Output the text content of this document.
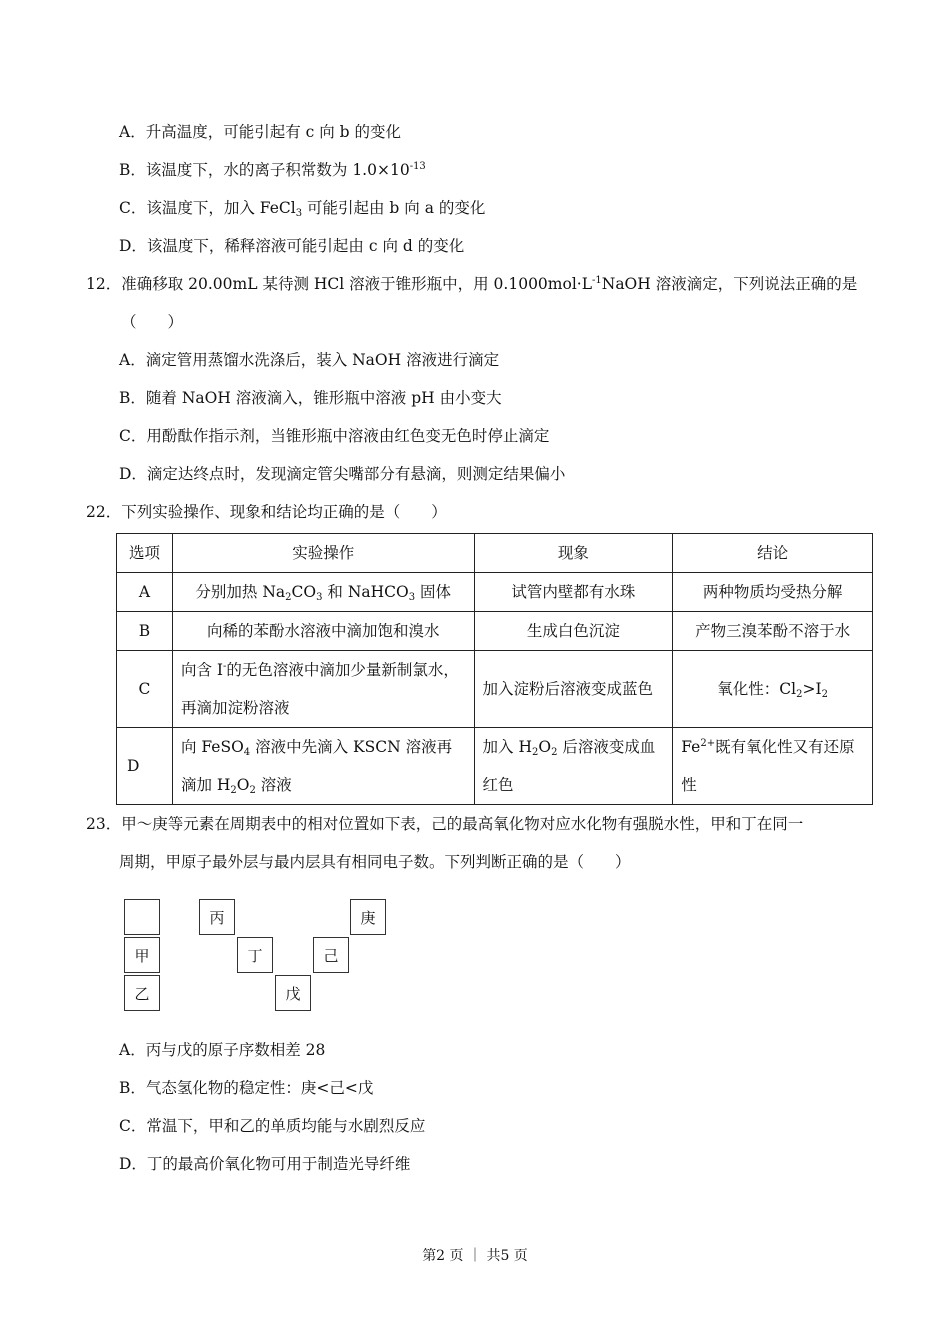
A．升高温度，可能引起有 c 向 b 的变化
B．该温度下，水的离子积常数为 $1.0\times 10^{-13}$
C．该温度下，加入 FeCl$_3$ 可能引起由 b 向 a 的变化
D．该温度下，稀释溶液可能引起由 c 向 d 的变化
12．准确移取 20.00mL 某待测 HCl 溶液于锥形瓶中，用 $0.1000mol\cdot L^{-1}NaOH$ 溶液滴定，下列说法正确的是
（　　）
A．滴定管用蒸馏水洗涤后，装入 NaOH 溶液进行滴定
B．随着 NaOH 溶液滴入，锥形瓶中溶液 pH 由小变大
C．用酚酞作指示剂，当锥形瓶中溶液由红色变无色时停止滴定
D．滴定达终点时，发现滴定管尖嘴部分有悬滴，则测定结果偏小
22．下列实验操作、现象和结论均正确的是（　　）
选项	实验操作	现象	结论
A	分别加热 $Na_2CO_3$ 和 NaHCO$_3$ 固体	试管内壁都有水珠	两种物质均受热分解
B	向稀的苯酚水溶液中滴加饱和溴水	生成白色沉淀	产物三溴苯酚不溶于水
C	向含 I-的无色溶液中滴加少量新制氯水，再滴加淀粉溶液	加入淀粉后溶液变成蓝色	氧化性：$Cl_2>I_2$
D	向 FeSO$_4$ 溶液中先滴入 KSCN 溶液再滴加 $H_2O_2$ 溶液	加入 $H_2O_2$ 后溶液变成血红色	$Fe^{2+}$既有氧化性又有还原性
23．甲～庚等元素在周期表中的相对位置如下表，己的最高氧化物对应水化物有强脱水性，甲和丁在同一
周期，甲原子最外层与最内层具有相同电子数。下列判断正确的是（　　）
甲
乙
丙
丁
戊
己
庚
A．丙与戊的原子序数相差 28
B．气态氢化物的稳定性：庚<己<戊
C．常温下，甲和乙的单质均能与水剧烈反应
D．丁的最高价氧化物可用于制造光导纤维
第2 页 ｜ 共5 页
